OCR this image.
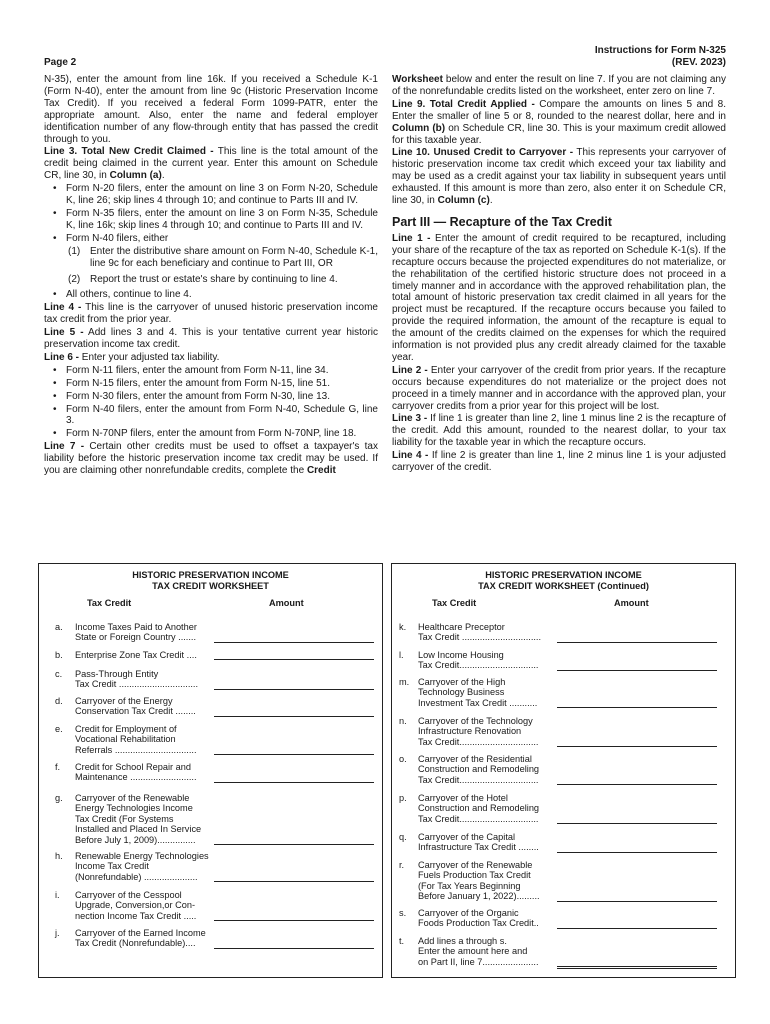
Page 2
Instructions for Form N-325
(REV. 2023)

N-35), enter the amount from line 16k. If you received a Schedule K-1 (Form N-40), enter the amount from line 9c (Historic Preservation Income Tax Credit). If you received a federal Form 1099-PATR, enter the appropriate amount. Also, enter the name and federal employer identification number of any flow-through entity that has passed the credit through to you.

Line 3. Total New Credit Claimed - This line is the total amount of the credit being claimed in the current year. Enter this amount on Schedule CR, line 30, in Column (a).

• Form N-20 filers, enter the amount on line 3 on Form N-20, Schedule K, line 26; skip lines 4 through 10; and continue to Parts III and IV.
• Form N-35 filers, enter the amount on line 3 on Form N-35, Schedule K, line 16k; skip lines 4 through 10; and continue to Parts III and IV.
• Form N-40 filers, either
(1) Enter the distributive share amount on Form N-40, Schedule K-1, line 9c for each beneficiary and continue to Part III, OR
(2) Report the trust or estate's share by continuing to line 4.
• All others, continue to line 4.

Line 4 - This line is the carryover of unused historic preservation income tax credit from the prior year.

Line 5 - Add lines 3 and 4. This is your tentative current year historic preservation income tax credit.

Line 6 - Enter your adjusted tax liability.

• Form N-11 filers, enter the amount from Form N-11, line 34.
• Form N-15 filers, enter the amount from Form N-15, line 51.
• Form N-30 filers, enter the amount from Form N-30, line 13.
• Form N-40 filers, enter the amount from Form N-40, Schedule G, line 3.
• Form N-70NP filers, enter the amount from Form N-70NP, line 18.

Line 7 - Certain other credits must be used to offset a taxpayer's tax liability before the historic preservation income tax credit may be used. If you are claiming other nonrefundable credits, complete the Credit

Worksheet below and enter the result on line 7. If you are not claiming any of the nonrefundable credits listed on the worksheet, enter zero on line 7.

Line 9. Total Credit Applied - Compare the amounts on lines 5 and 8. Enter the smaller of line 5 or 8, rounded to the nearest dollar, here and in Column (b) on Schedule CR, line 30. This is your maximum credit allowed for this taxable year.

Line 10. Unused Credit to Carryover - This represents your carryover of historic preservation income tax credit which exceed your tax liability and may be used as a credit against your tax liability in subsequent years until exhausted. If this amount is more than zero, also enter it on Schedule CR, line 30, in Column (c).

Part III — Recapture of the Tax Credit

Line 1 - Enter the amount of credit required to be recaptured, including your share of the recapture of the tax as reported on Schedule K-1(s). If the recapture occurs because the projected expenditures do not materialize, or the rehabilitation of the certified historic structure does not proceed in a timely manner and in accordance with the approved rehabilitation plan, the total amount of historic preservation tax credit claimed in all years for the project must be recaptured. If the recapture occurs because you failed to provide the required information, the amount of the recapture is equal to the amount of the credits claimed on the expenses for which the required information is not provided plus any credit already claimed for the taxable year.

Line 2 - Enter your carryover of the credit from prior years. If the recapture occurs because expenditures do not materialize or the project does not proceed in a timely manner and in accordance with the approved plan, your carryover credits from a prior year for this project will be lost.

Line 3 - If line 1 is greater than line 2, line 1 minus line 2 is the recapture of the credit. Add this amount, rounded to the nearest dollar, to your tax liability for the taxable year in which the recapture occurs.

Line 4 - If line 2 is greater than line 1, line 2 minus line 1 is your adjusted carryover of the credit.

HISTORIC PRESERVATION INCOME
TAX CREDIT WORKSHEET
Tax Credit	Amount
a. Income Taxes Paid to Another
State or Foreign Country .......
b. Enterprise Zone Tax Credit ....
c. Pass-Through Entity
Tax Credit ...............................
d. Carryover of the Energy
Conservation Tax Credit ........
e. Credit for Employment of
Vocational Rehabilitation
Referrals ................................
f. Credit for School Repair and
Maintenance ..........................
g. Carryover of the Renewable
Energy Technologies Income
Tax Credit (For Systems
Installed and Placed In Service
Before July 1, 2009)...............
h. Renewable Energy Technologies
Income Tax Credit
(Nonrefundable) .....................
i. Carryover of the Cesspool
Upgrade, Conversion,or Con-
nection Income Tax Credit .....
j. Carryover of the Earned Income
Tax Credit (Nonrefundable)....
HISTORIC PRESERVATION INCOME
TAX CREDIT WORKSHEET (Continued)
Tax Credit	Amount
k. Healthcare Preceptor
Tax Credit ...............................
l. Low Income Housing
Tax Credit...............................
m. Carryover of the High
Technology Business
Investment Tax Credit ...........
n. Carryover of the Technology
Infrastructure Renovation
Tax Credit...............................
o. Carryover of the Residential
Construction and Remodeling
Tax Credit...............................
p. Carryover of the Hotel
Construction and Remodeling
Tax Credit...............................
q. Carryover of the Capital
Infrastructure Tax Credit ........
r. Carryover of the Renewable
Fuels Production Tax Credit
(For Tax Years Beginning
Before January 1, 2022).........
s. Carryover of the Organic
Foods Production Tax Credit..
t. Add lines a through s.
Enter the amount here and
on Part II, line 7......................
